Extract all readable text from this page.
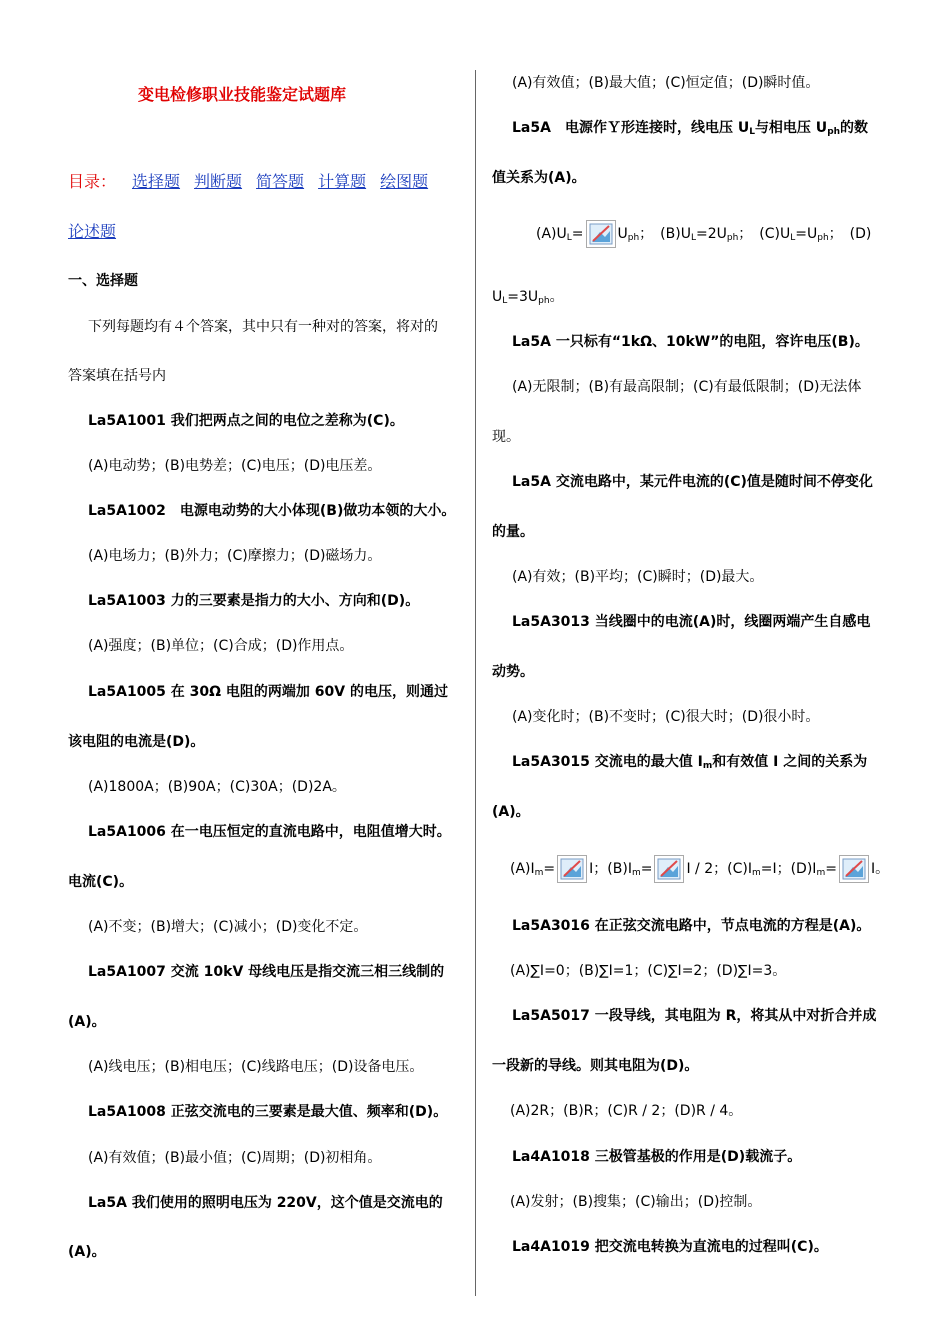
变电检修职业技能鉴定试题库
目录： 选择题 判断题 简答题 计算题 绘图题
论述题
一、选择题
下列每题均有４个答案，其中只有一种对的答案，将对的
答案填在括号内
La5A1001 我们把两点之间的电位之差称为(C)。
(A)电动势；(B)电势差；(C)电压；(D)电压差。
La5A1002　电源电动势的大小体现(B)做功本领的大小。
(A)电场力；(B)外力；(C)摩擦力；(D)磁场力。
La5A1003 力的三要素是指力的大小、方向和(D)。
(A)强度；(B)单位；(C)合成；(D)作用点。
La5A1005 在 30Ω 电阻的两端加 60V 的电压，则通过
该电阻的电流是(D)。
(A)1800A；(B)90A；(C)30A；(D)2A。
La5A1006 在一电压恒定的直流电路中，电阻值增大时。
电流(C)。
(A)不变；(B)增大；(C)减小；(D)变化不定。
La5A1007 交流 10kV 母线电压是指交流三相三线制的
(A)。
(A)线电压；(B)相电压；(C)线路电压；(D)设备电压。
La5A1008 正弦交流电的三要素是最大值、频率和(D)。
(A)有效值；(B)最小值；(C)周期；(D)初相角。
La5A 我们使用的照明电压为 220V，这个值是交流电的
(A)。
(A)有效值；(B)最大值；(C)恒定值；(D)瞬时值。
La5A　电源作Ｙ形连接时，线电压 $U_L$与相电压 $U_{ph}$的数
值关系为(A)。
$(A)U_L= U_{ph}$；　$(B)U_L=2U_{ph}$；　$(C)U_L=U_{ph}$；　(D)
$U_L=3U_{ph}$。
La5A 一只标有“1kΩ、10kW”的电阻，容许电压(B)。
(A)无限制；(B)有最高限制；(C)有最低限制；(D)无法体
现。
La5A 交流电路中，某元件电流的(C)值是随时间不停变化
的量。
(A)有效；(B)平均；(C)瞬时；(D)最大。
La5A3013 当线圈中的电流(A)时，线圈两端产生自感电
动势。
(A)变化时；(B)不变时；(C)很大时；(D)很小时。
La5A3015 交流电的最大值 $I_m$和有效值 I 之间的关系为
(A)。
$(A)I_m= I$；$(B)I_m= I / 2$；$(C)I_m=I$；$(D)I_m= I$。
La5A3016 在正弦交流电路中，节点电流的方程是(A)。
(A)∑I=0；(B)∑I=1；(C)∑I=2；(D)∑I=3。
La5A5017 一段导线，其电阻为 R，将其从中对折合并成
一段新的导线。则其电阻为(D)。
(A)2R；(B)R；(C)R / 2；(D)R / 4。
La4A1018 三极管基极的作用是(D)载流子。
(A)发射；(B)搜集；(C)输出；(D)控制。
La4A1019 把交流电转换为直流电的过程叫(C)。
